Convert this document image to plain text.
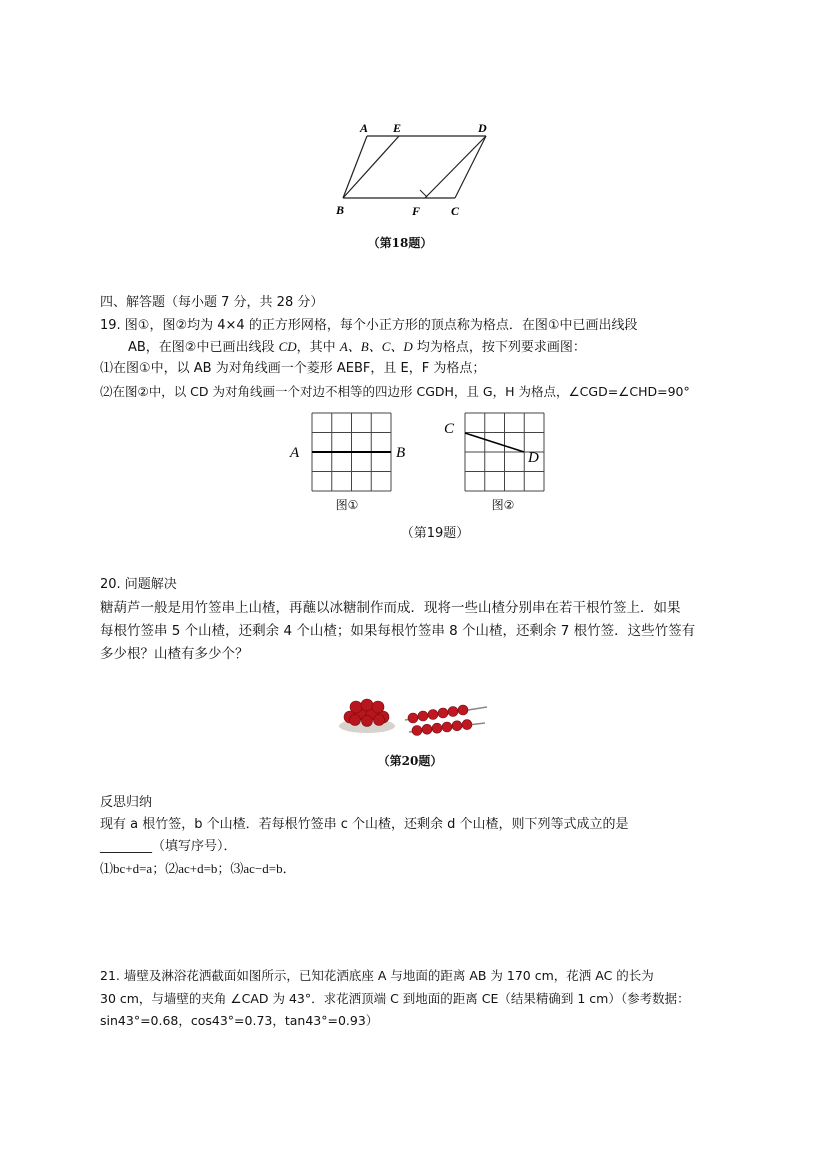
A E	D
B	F	C
（第18题）
四、解答题（每小题 7 分，共 28 分）
19. 图①，图②均为 4×4 的正方形网格，每个小正方形的顶点称为格点．在图①中已画出线段
AB，在图②中已画出线段 CD，其中 A、B、C、D 均为格点，按下列要求画图：
⑴在图①中，以 AB 为对角线画一个菱形 AEBF，且 E，F 为格点；
⑵在图②中，以 CD 为对角线画一个对边不相等的四边形 CGDH，且 G，H 为格点，∠CGD=∠CHD=90°
A	B
图①
C
D
图②
（第19题）
20. 问题解决
糖葫芦一般是用竹签串上山楂，再蘸以冰糖制作而成．现将一些山楂分别串在若干根竹签上．如果
每根竹签串 5 个山楂，还剩余 4 个山楂；如果每根竹签串 8 个山楂，还剩余 7 根竹签．这些竹签有
多少根？山楂有多少个？
（第20题）
反思归纳
现有 a 根竹签，b 个山楂．若每根竹签串 c 个山楂，还剩余 d 个山楂，则下列等式成立的是
________（填写序号）．
⑴bc+d=a；⑵ac+d=b；⑶ac−d=b．
21. 墙壁及淋浴花洒截面如图所示，已知花洒底座 A 与地面的距离 AB 为 170 cm，花洒 AC 的长为
30 cm，与墙壁的夹角 ∠CAD 为 43°．求花洒顶端 C 到地面的距离 CE（结果精确到 1 cm）（参考数据：
sin43°=0.68，cos43°=0.73，tan43°=0.93）
